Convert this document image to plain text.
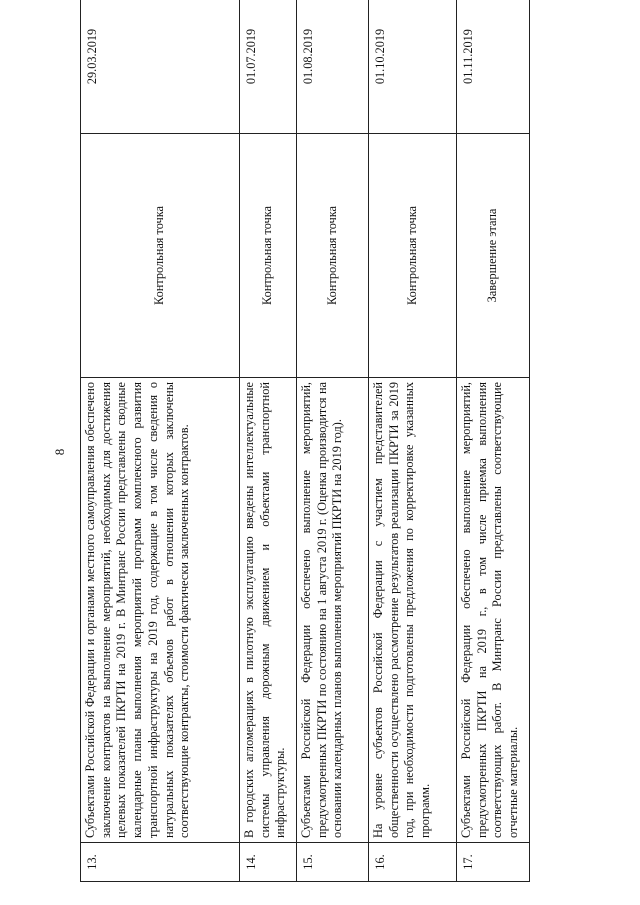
8
13.	Субъектами Российской Федерации и органами местного самоуправления обеспечено заключение контрактов на выполнение мероприятий, необходимых для достижения целевых показателей ПКРТИ на 2019 г. В Минтранс России представлены сводные календарные планы выполнения мероприятий программ комплексного развития транспортной инфраструктуры на 2019 год, содержащие в том числе сведения о натуральных показателях объемов работ в отношении которых заключены соответствующие контракты, стоимости фактически заключенных контрактов.	Контрольная точка	29.03.2019
14.	В городских агломерациях в пилотную эксплуатацию введены интеллектуальные системы управления дорожным движением и объектами транспортной инфраструктуры.	Контрольная точка	01.07.2019
15.	Субъектами Российской Федерации обеспечено выполнение мероприятий, предусмотренных ПКРТИ по состоянию на 1 августа 2019 г. (Оценка производится на основании календарных планов выполнения мероприятий ПКРТИ на 2019 год).	Контрольная точка	01.08.2019
16.	На уровне субъектов Российской Федерации с участием представителей общественности осуществлено рассмотрение результатов реализации ПКРТИ за 2019 год, при необходимости подготовлены предложения по корректировке указанных программ.	Контрольная точка	01.10.2019
17.	Субъектами Российской Федерации обеспечено выполнение мероприятий, предусмотренных ПКРТИ на 2019 г., в том числе приемка выполнения соответствующих работ. В Минтранс России представлены соответствующие отчетные материалы.	Завершение этапа	01.11.2019
